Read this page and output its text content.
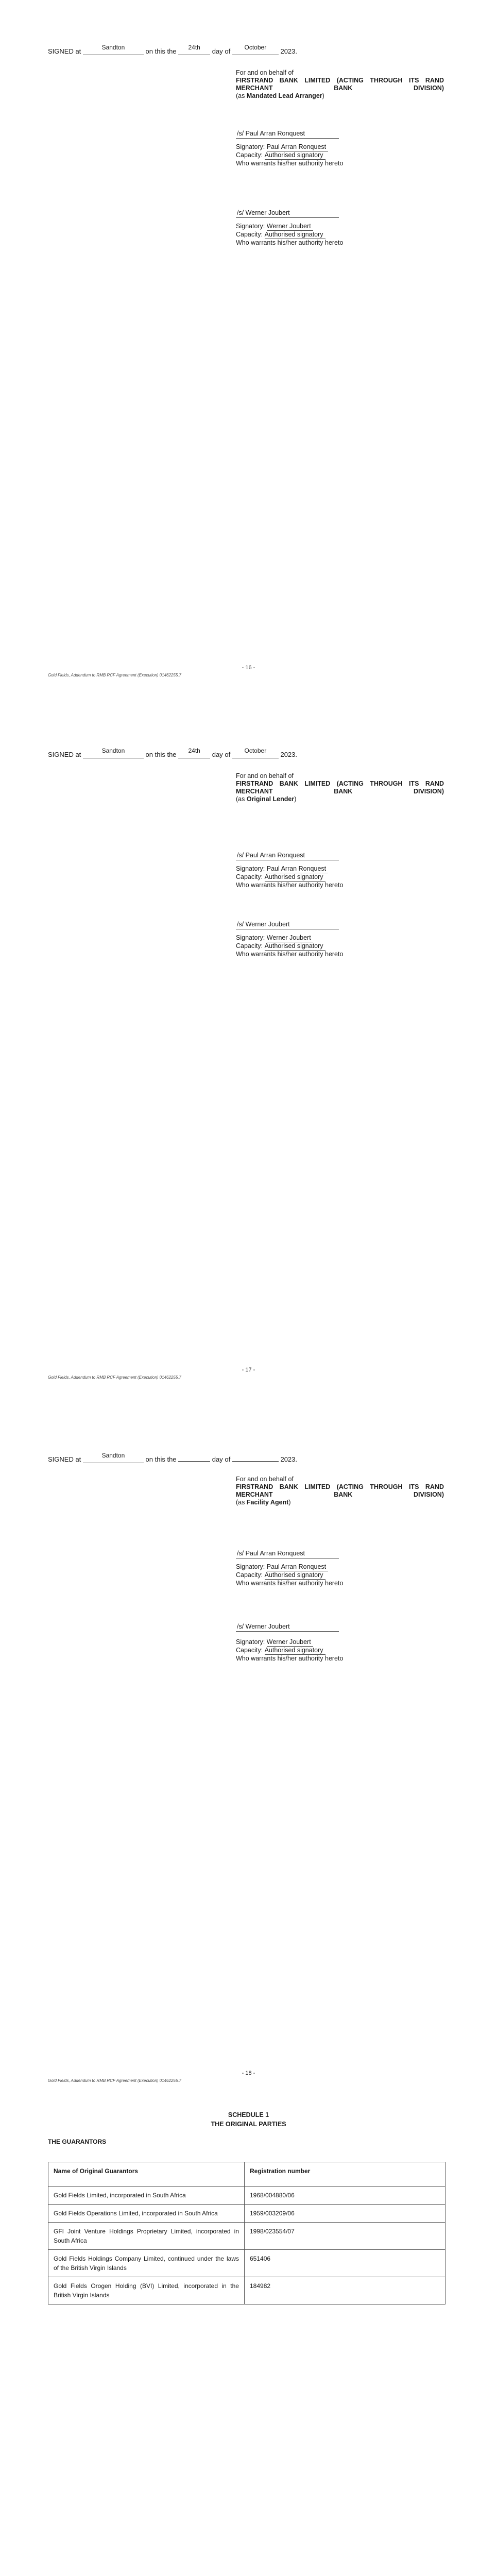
SIGNED at	Sandton	on this the 24th day of October 2023.
For and on behalf of
FIRSTRAND BANK LIMITED (ACTING THROUGH ITS RAND MERCHANT BANK DIVISION)
(as Mandated Lead Arranger)
/s/ Paul Arran Ronquest
Signatory: Paul Arran Ronquest
Capacity: Authorised signatory
Who warrants his/her authority hereto
/s/ Werner Joubert
Signatory: Werner Joubert
Capacity: Authorised signatory
Who warrants his/her authority hereto
- 16 -
Gold Fields, Addendum to RMB RCF Agreement (Execution) 01462255.7
SIGNED at	Sandton	on this the 24th day of October 2023.
For and on behalf of
FIRSTRAND BANK LIMITED (ACTING THROUGH ITS RAND MERCHANT BANK DIVISION)
(as Original Lender)
/s/ Paul Arran Ronquest
Signatory: Paul Arran Ronquest
Capacity: Authorised signatory
Who warrants his/her authority hereto
/s/ Werner Joubert
Signatory: Werner Joubert
Capacity: Authorised signatory
Who warrants his/her authority hereto
- 17 -
Gold Fields, Addendum to RMB RCF Agreement (Execution) 01462255.7
SIGNED at	Sandton	on this the	day of	2023.
For and on behalf of
FIRSTRAND BANK LIMITED (ACTING THROUGH ITS RAND MERCHANT BANK DIVISION)
(as Facility Agent)
/s/ Paul Arran Ronquest
Signatory: Paul Arran Ronquest
Capacity: Authorised signatory
Who warrants his/her authority hereto
/s/ Werner Joubert
Signatory: Werner Joubert
Capacity: Authorised signatory
Who warrants his/her authority hereto
- 18 -
Gold Fields, Addendum to RMB RCF Agreement (Execution) 01462255.7
SCHEDULE 1
THE ORIGINAL PARTIES
THE GUARANTORS
Name of Original Guarantors	Registration number
Gold Fields Limited, incorporated in South Africa	1968/004880/06
Gold Fields Operations Limited, incorporated in South Africa	1959/003209/06
GFI Joint Venture Holdings Proprietary Limited, incorporated in South Africa	1998/023554/07
Gold Fields Holdings Company Limited, continued under the laws of the British Virgin Islands	651406
Gold Fields Orogen Holding (BVI) Limited, incorporated in the British Virgin Islands	184982
